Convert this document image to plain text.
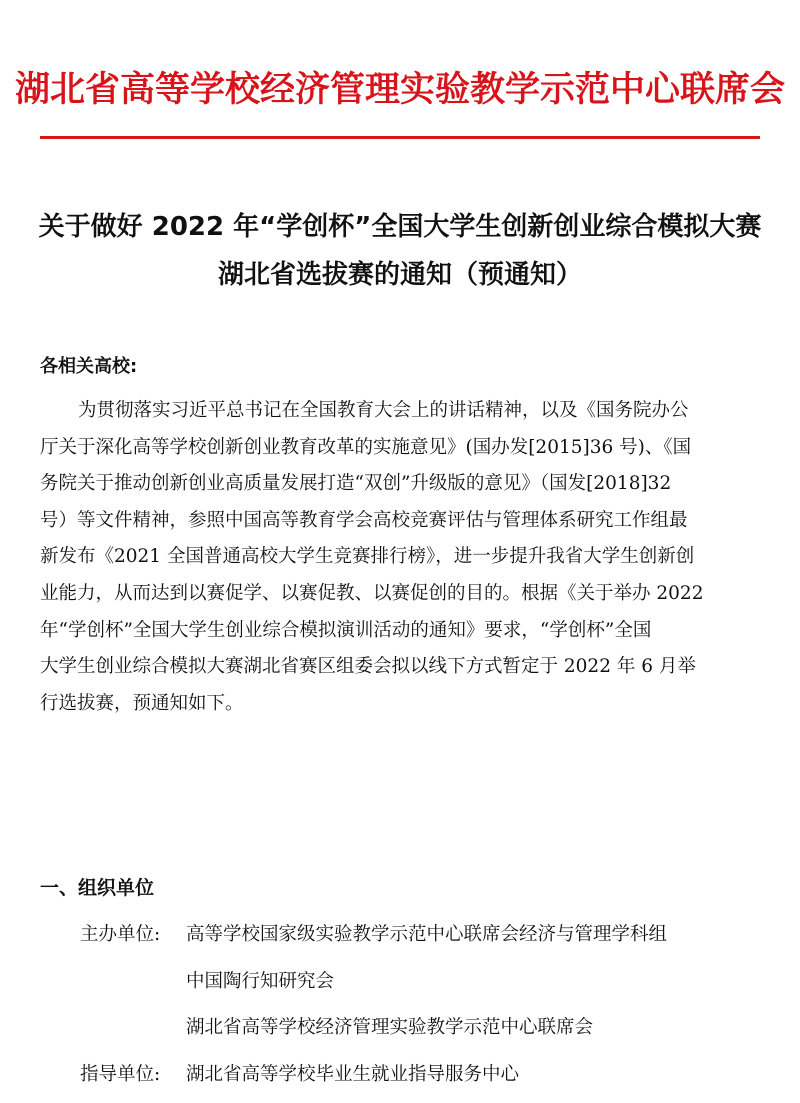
湖北省高等学校经济管理实验教学示范中心联席会
关于做好 2022 年“学创杯”全国大学生创新创业综合模拟大赛
湖北省选拔赛的通知（预通知）
各相关高校:
为贯彻落实习近平总书记在全国教育大会上的讲话精神，以及《国务院办公
厅关于深化高等学校创新创业教育改革的实施意见》(国办发[2015]36 号)、《国
务院关于推动创新创业高质量发展打造“双创”升级版的意见》（国发[2018]32
号）等文件精神，参照中国高等教育学会高校竞赛评估与管理体系研究工作组最
新发布《2021 全国普通高校大学生竞赛排行榜》，进一步提升我省大学生创新创
业能力，从而达到以赛促学、以赛促教、以赛促创的目的。根据《关于举办 2022
年“学创杯”全国大学生创业综合模拟演训活动的通知》要求，“学创杯”全国
大学生创业综合模拟大赛湖北省赛区组委会拟以线下方式暂定于 2022 年 6 月举
行选拔赛，预通知如下。
一、组织单位
主办单位:	高等学校国家级实验教学示范中心联席会经济与管理学科组
中国陶行知研究会
湖北省高等学校经济管理实验教学示范中心联席会
指导单位:	湖北省高等学校毕业生就业指导服务中心
